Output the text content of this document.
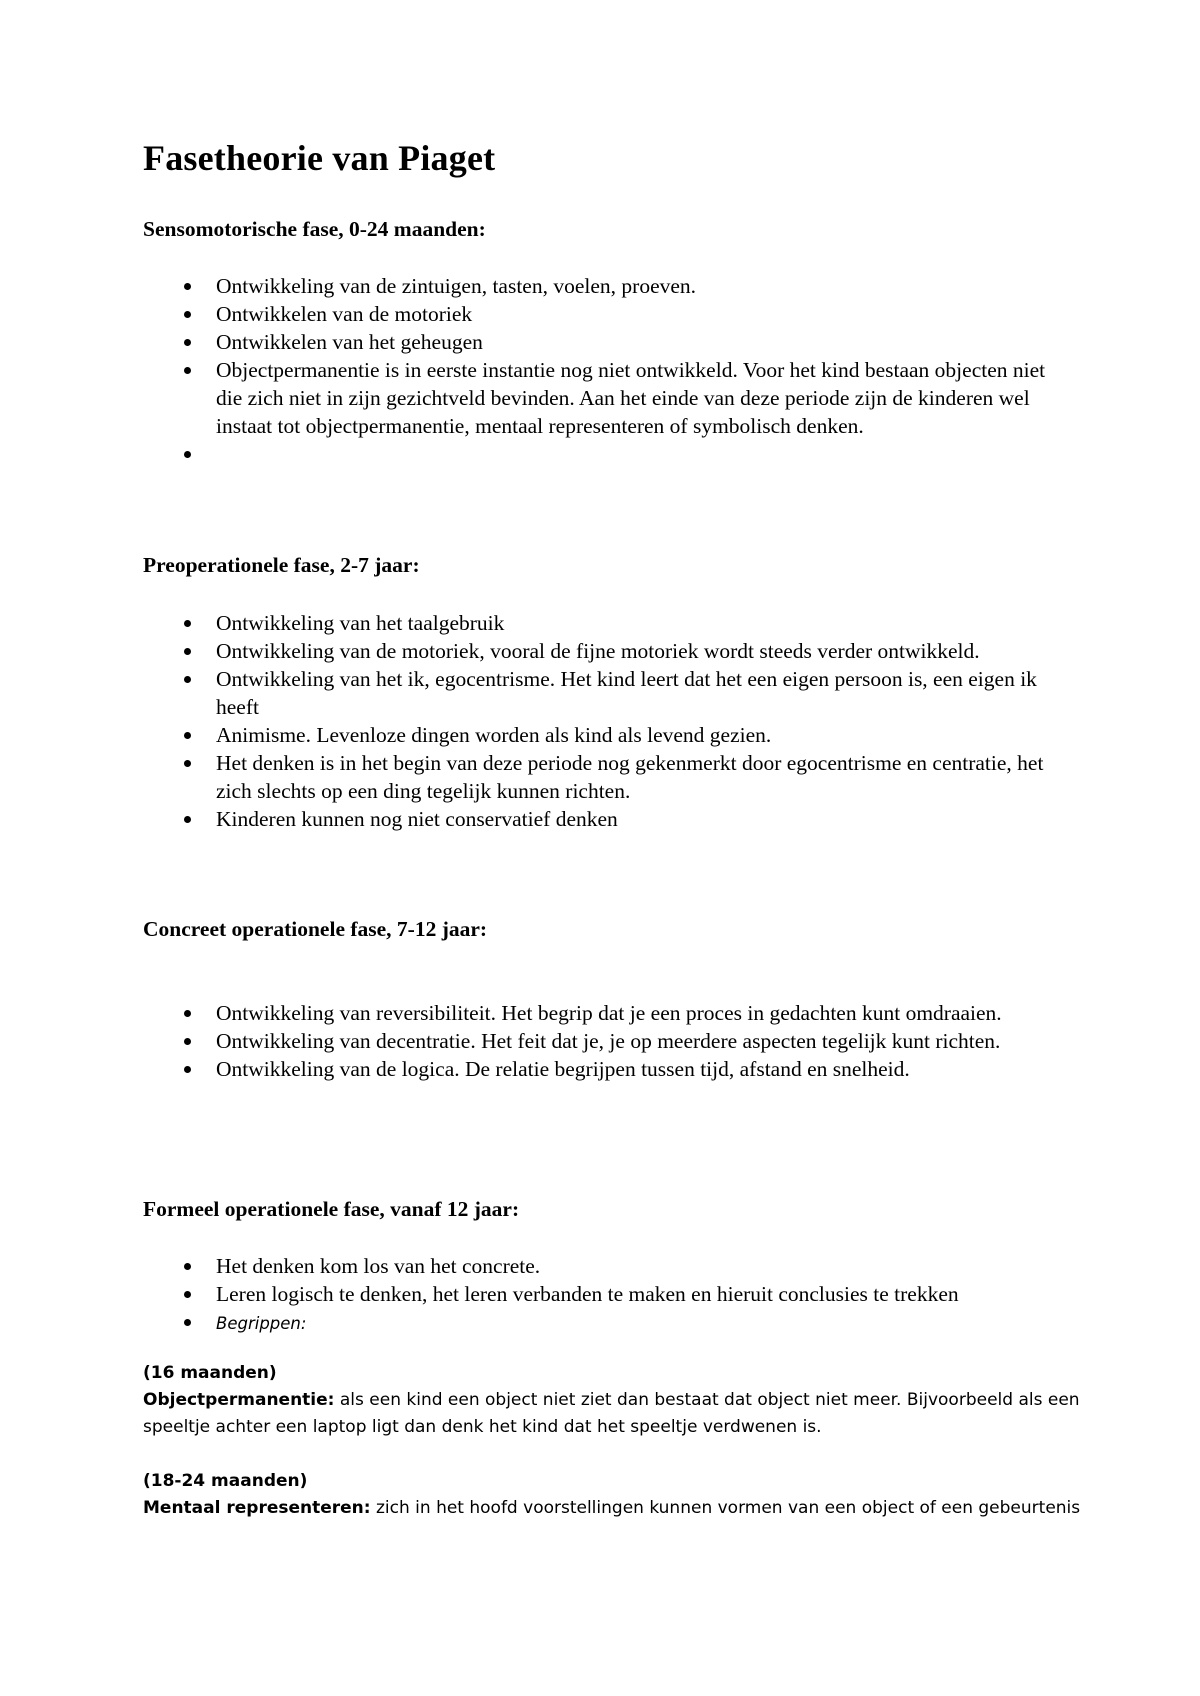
Fasetheorie van Piaget
Sensomotorische fase, 0-24 maanden:
Ontwikkeling van de zintuigen, tasten, voelen, proeven.
Ontwikkelen van de motoriek
Ontwikkelen van het geheugen
Objectpermanentie is in eerste instantie nog niet ontwikkeld. Voor het kind bestaan objecten niet die zich niet in zijn gezichtveld bevinden. Aan het einde van deze periode zijn de kinderen wel instaat tot objectpermanentie, mentaal representeren of symbolisch denken.
Preoperationele fase, 2-7 jaar:
Ontwikkeling van het taalgebruik
Ontwikkeling van de motoriek, vooral de fijne motoriek wordt steeds verder ontwikkeld.
Ontwikkeling van het ik, egocentrisme. Het kind leert dat het een eigen persoon is, een eigen ik heeft
Animisme. Levenloze dingen worden als kind als levend gezien.
Het denken is in het begin van deze periode nog gekenmerkt door egocentrisme en centratie, het zich slechts op een ding tegelijk kunnen richten.
Kinderen kunnen nog niet conservatief denken
Concreet operationele fase, 7-12 jaar:
Ontwikkeling van reversibiliteit. Het begrip dat je een proces in gedachten kunt omdraaien.
Ontwikkeling van decentratie. Het feit dat je, je op meerdere aspecten tegelijk kunt richten.
Ontwikkeling van de logica. De relatie begrijpen tussen tijd, afstand en snelheid.
Formeel operationele fase, vanaf 12 jaar:
Het denken kom los van het concrete.
Leren logisch te denken, het leren verbanden te maken en hieruit conclusies te trekken
Begrippen:
(16 maanden)
Objectpermanentie: als een kind een object niet ziet dan bestaat dat object niet meer. Bijvoorbeeld als een speeltje achter een laptop ligt dan denk het kind dat het speeltje verdwenen is.
(18-24 maanden)
Mentaal representeren: zich in het hoofd voorstellingen kunnen vormen van een object of een gebeurtenis
